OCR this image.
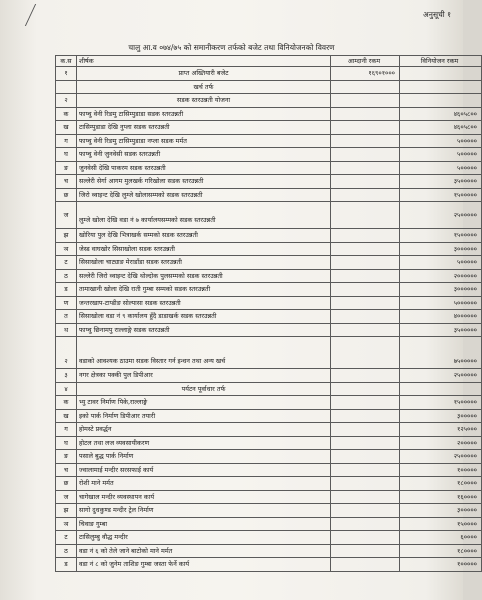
अनुसूची १
चालु आ.व ०७४/७५ को समानीकरण तर्फको बजेट तथा विनियोजनको विवरण
क.स	शीर्षक	आम्दानी रकम	विनियोजन रकम
१	प्राप्त अख्तियारी बजेट	१६९०१०००	
	खर्च तर्फ		
२	सडक स्तरउन्नती योजना		
क	फाप्चु वेनी रिङमु टासिम्पुडाडा सडक स्तरउन्नती		४६०५८००
ख	टासिम्पुडाडा देखि नुप्ला सडक स्तरउन्नती		४६०५८००
ग	फाप्चु वेनी रिङमु टासिम्पुडाडा नप्ला सडक मर्मत		५०००००
घ	फाप्चु वेनी जुनवेसी सडक स्तरउन्नती		५०००००
ङ	जुनवेसी देखि पाकरम सडक स्तरउन्नती		५०००००
च	सल्लेरी सेर्गा आगम मुलखर्क गरिखोला सडक स्तरउन्नती		३५०००००
छ	जिरो व्वाइन्ट देखि लुम्जे खोलासम्मको सडक स्तरउन्नती		१५०००००
ज	लुम्जे खोला देखि वडा नं ७ कार्यालयसम्मको सडक स्तरउन्नती		२५०००००
झ	खोरिया पुल देखि भित्राखर्क सम्मको सडक स्तरउन्नती		१५०००००
ञ	जेस्ड वाघखोर सिसाखोला सडक स्तरउन्नती		३००००००
ट	सिसाखोला चाट्याङ मेराडाँडा सडक स्तरउन्नती		५०००००
ठ	सल्लेरी जिरो व्वाइन्ट देखि थोल्दोक पुलसम्मको सडक स्तरउन्नती		२००००००
ड	तामाखानी खोला देखि राती गुम्बा सम्मको सडक स्तरउन्नती		३००००००
ण	जन्तरखाप-टाप्डीङ सोल्पासा सडक स्तरउन्नती		५००००००
त	सिसाखोला वडा नं ९ कार्यालय हुँदै डाडाखर्क सडक स्तरउन्नती		४००००००
थ	फाप्चु छिनामपु राल्लाङ्गे सडक स्तरउन्नती		३५०००००
२	वडाको आवश्यक ठाउमा सडक विस्तार गर्न इन्धन तथा अन्य खर्च		७५०००००
३	नगर क्षेत्रका पक्की पुल डिपीआर		२५०००००
४	पर्यटन पूर्वाधार तर्फ		
क	भ्यु टावर निर्माण पिके,राल्लाङ्गे		१५०००००
ख	इको पार्क निर्माण डिपीआर तयारी		३०००००
ग	होमस्टे प्रवर्द्धन		१२५०००
घ	होटल तथा लज व्यवसायीकरण		२०००००
ङ	पसाले बुद्ध पार्क निर्माण		२५०००००
च	ज्वालामाई मन्दीर सरसफाई कार्य		१०००००
छ	रोशी माने मर्मत		१८००००
ज	चागेखाल मन्दीर व्यवस्थापन कार्य		१६००००
झ	सागो दुधकुण्ड मन्दीर ट्रेल निर्माण		३०००००
ञ	चिवाङ गुम्बा		१५००००
ट	टासिलुम्बु वौद्ध मन्दीर		६००००
ठ	वडा नं ६ को तेले जाने बाटोको माने मर्मत		१८००००
ड	वडा नं ८ को जुनेम ताशिङ गुम्बा जस्ता फेर्ने कार्य		१०००००
